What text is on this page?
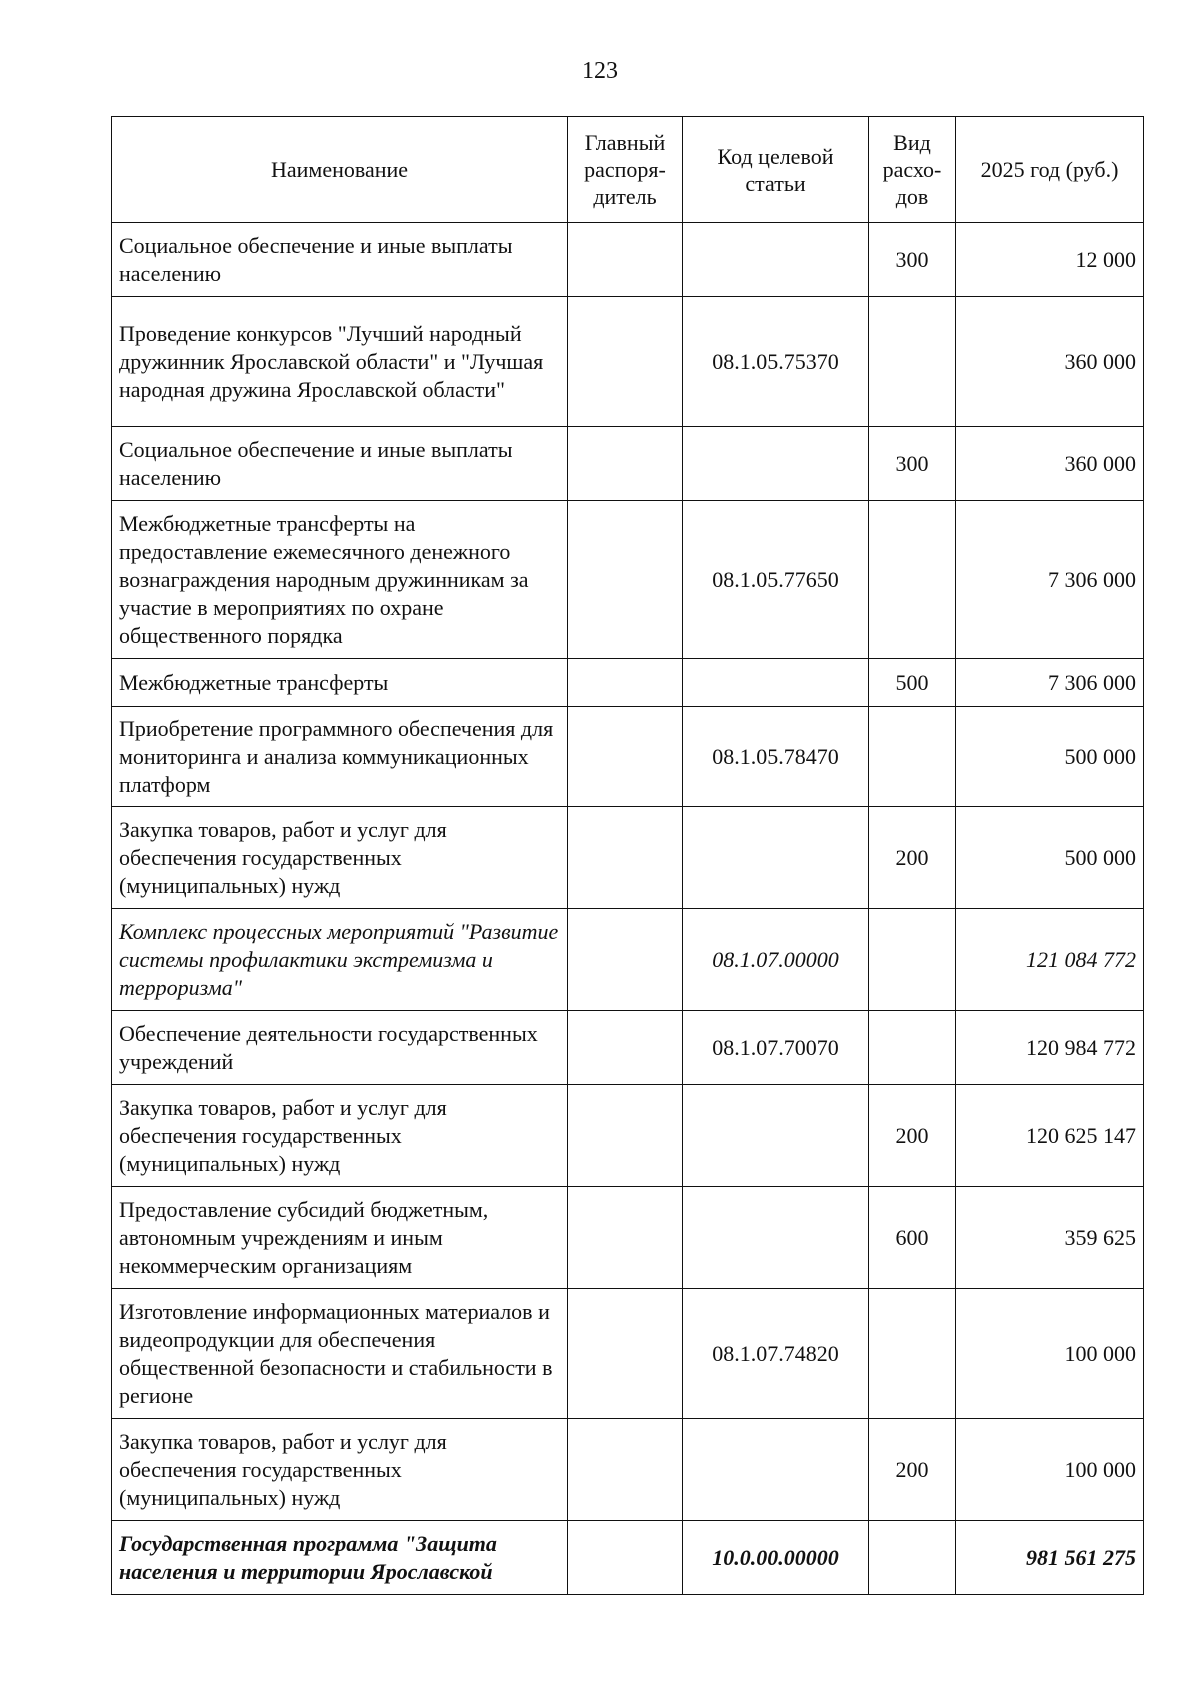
123
Наименование	Главный распоря-дитель	Код целевой статьи	Вид расхо-дов	2025 год (руб.)
Социальное обеспечение и иные выплаты населению			300	12 000
Проведение конкурсов "Лучший народный дружинник Ярославской области" и "Лучшая народная дружина Ярославской области"		08.1.05.75370		360 000
Социальное обеспечение и иные выплаты населению			300	360 000
Межбюджетные трансферты на предоставление ежемесячного денежного вознаграждения народным дружинникам за участие в мероприятиях по охране общественного порядка		08.1.05.77650		7 306 000
Межбюджетные трансферты			500	7 306 000
Приобретение программного обеспечения для мониторинга и анализа коммуникационных платформ		08.1.05.78470		500 000
Закупка товаров, работ и услуг для обеспечения государственных (муниципальных) нужд			200	500 000
Комплекс процессных мероприятий "Развитие системы профилактики экстремизма и терроризма"		08.1.07.00000		121 084 772
Обеспечение деятельности государственных учреждений		08.1.07.70070		120 984 772
Закупка товаров, работ и услуг для обеспечения государственных (муниципальных) нужд			200	120 625 147
Предоставление субсидий бюджетным, автономным учреждениям и иным некоммерческим организациям			600	359 625
Изготовление информационных материалов и видеопродукции для обеспечения общественной безопасности и стабильности в регионе		08.1.07.74820		100 000
Закупка товаров, работ и услуг для обеспечения государственных (муниципальных) нужд			200	100 000
Государственная программа "Защита населения и территории Ярославской		10.0.00.00000		981 561 275
